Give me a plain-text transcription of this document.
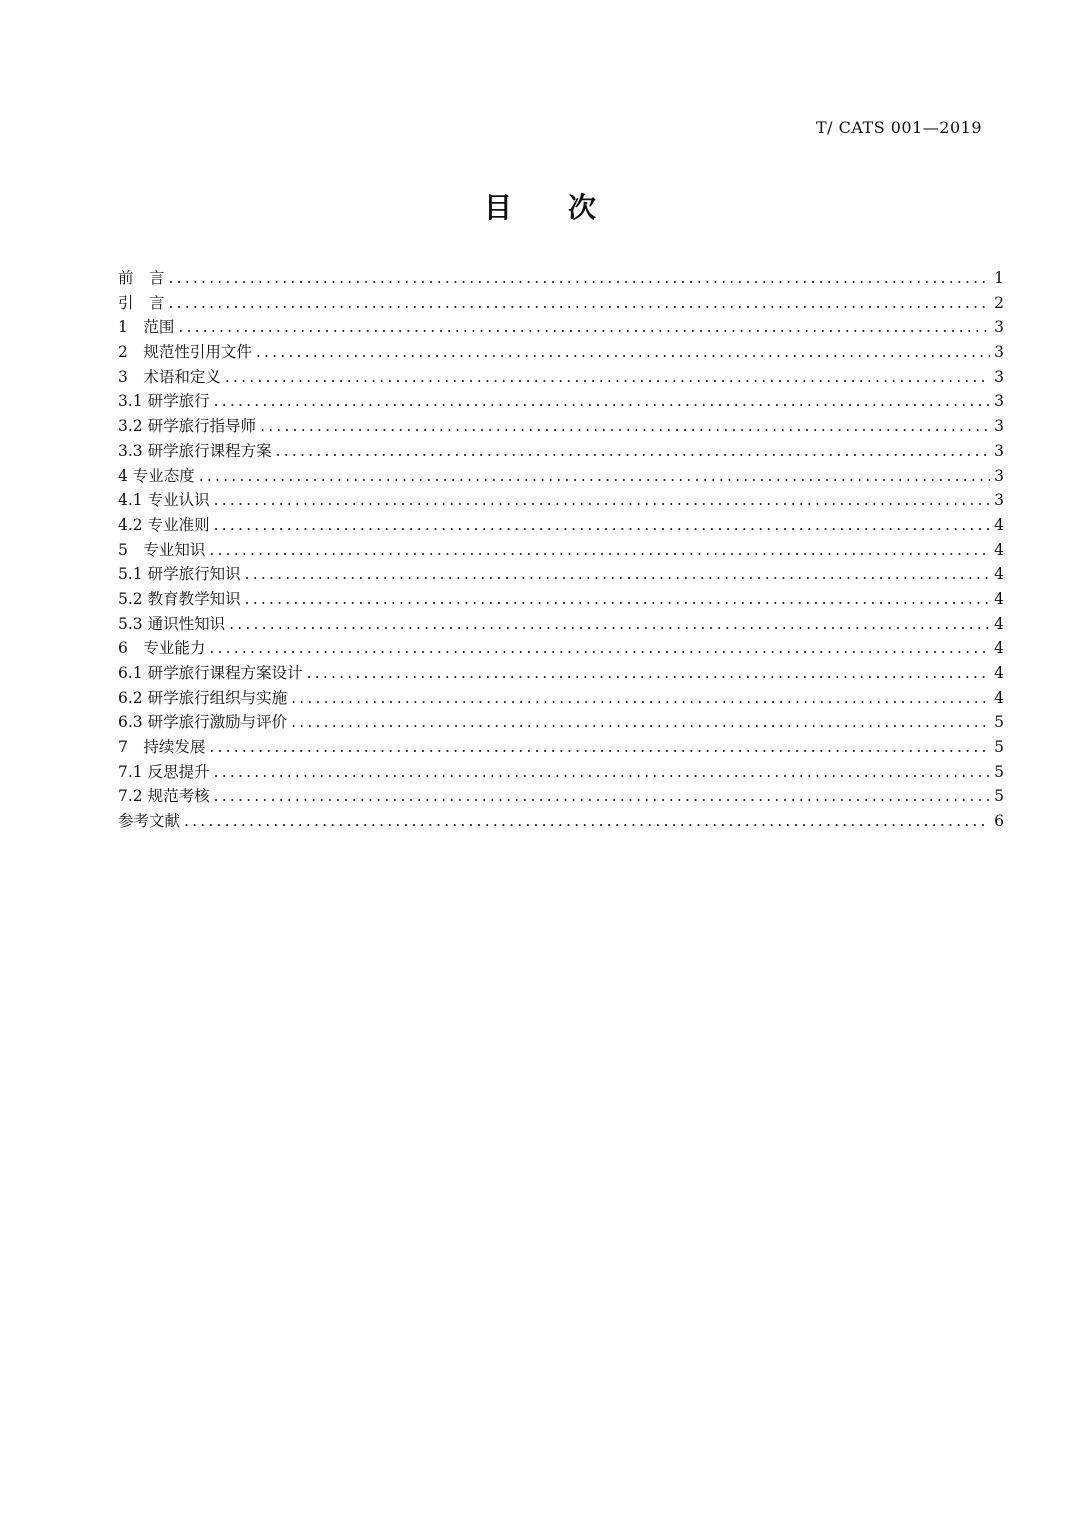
T/ CATS 001—2019
目次
前　言 .....	1
引　言 .....	2
1　范围 .....	3
2　规范性引用文件 .....	3
3　术语和定义 .....	3
3.1 研学旅行 .....	3
3.2 研学旅行指导师 .....	3
3.3 研学旅行课程方案 .....	3
4 专业态度 .....	3
4.1 专业认识 .....	3
4.2 专业准则 .....	4
5　专业知识 .....	4
5.1 研学旅行知识 .....	4
5.2 教育教学知识 .....	4
5.3 通识性知识 .....	4
6　专业能力 .....	4
6.1 研学旅行课程方案设计 .....	4
6.2 研学旅行组织与实施 .....	4
6.3 研学旅行激励与评价 .....	5
7　持续发展 .....	5
7.1 反思提升 .....	5
7.2 规范考核 .....	5
参考文献 .....	6
